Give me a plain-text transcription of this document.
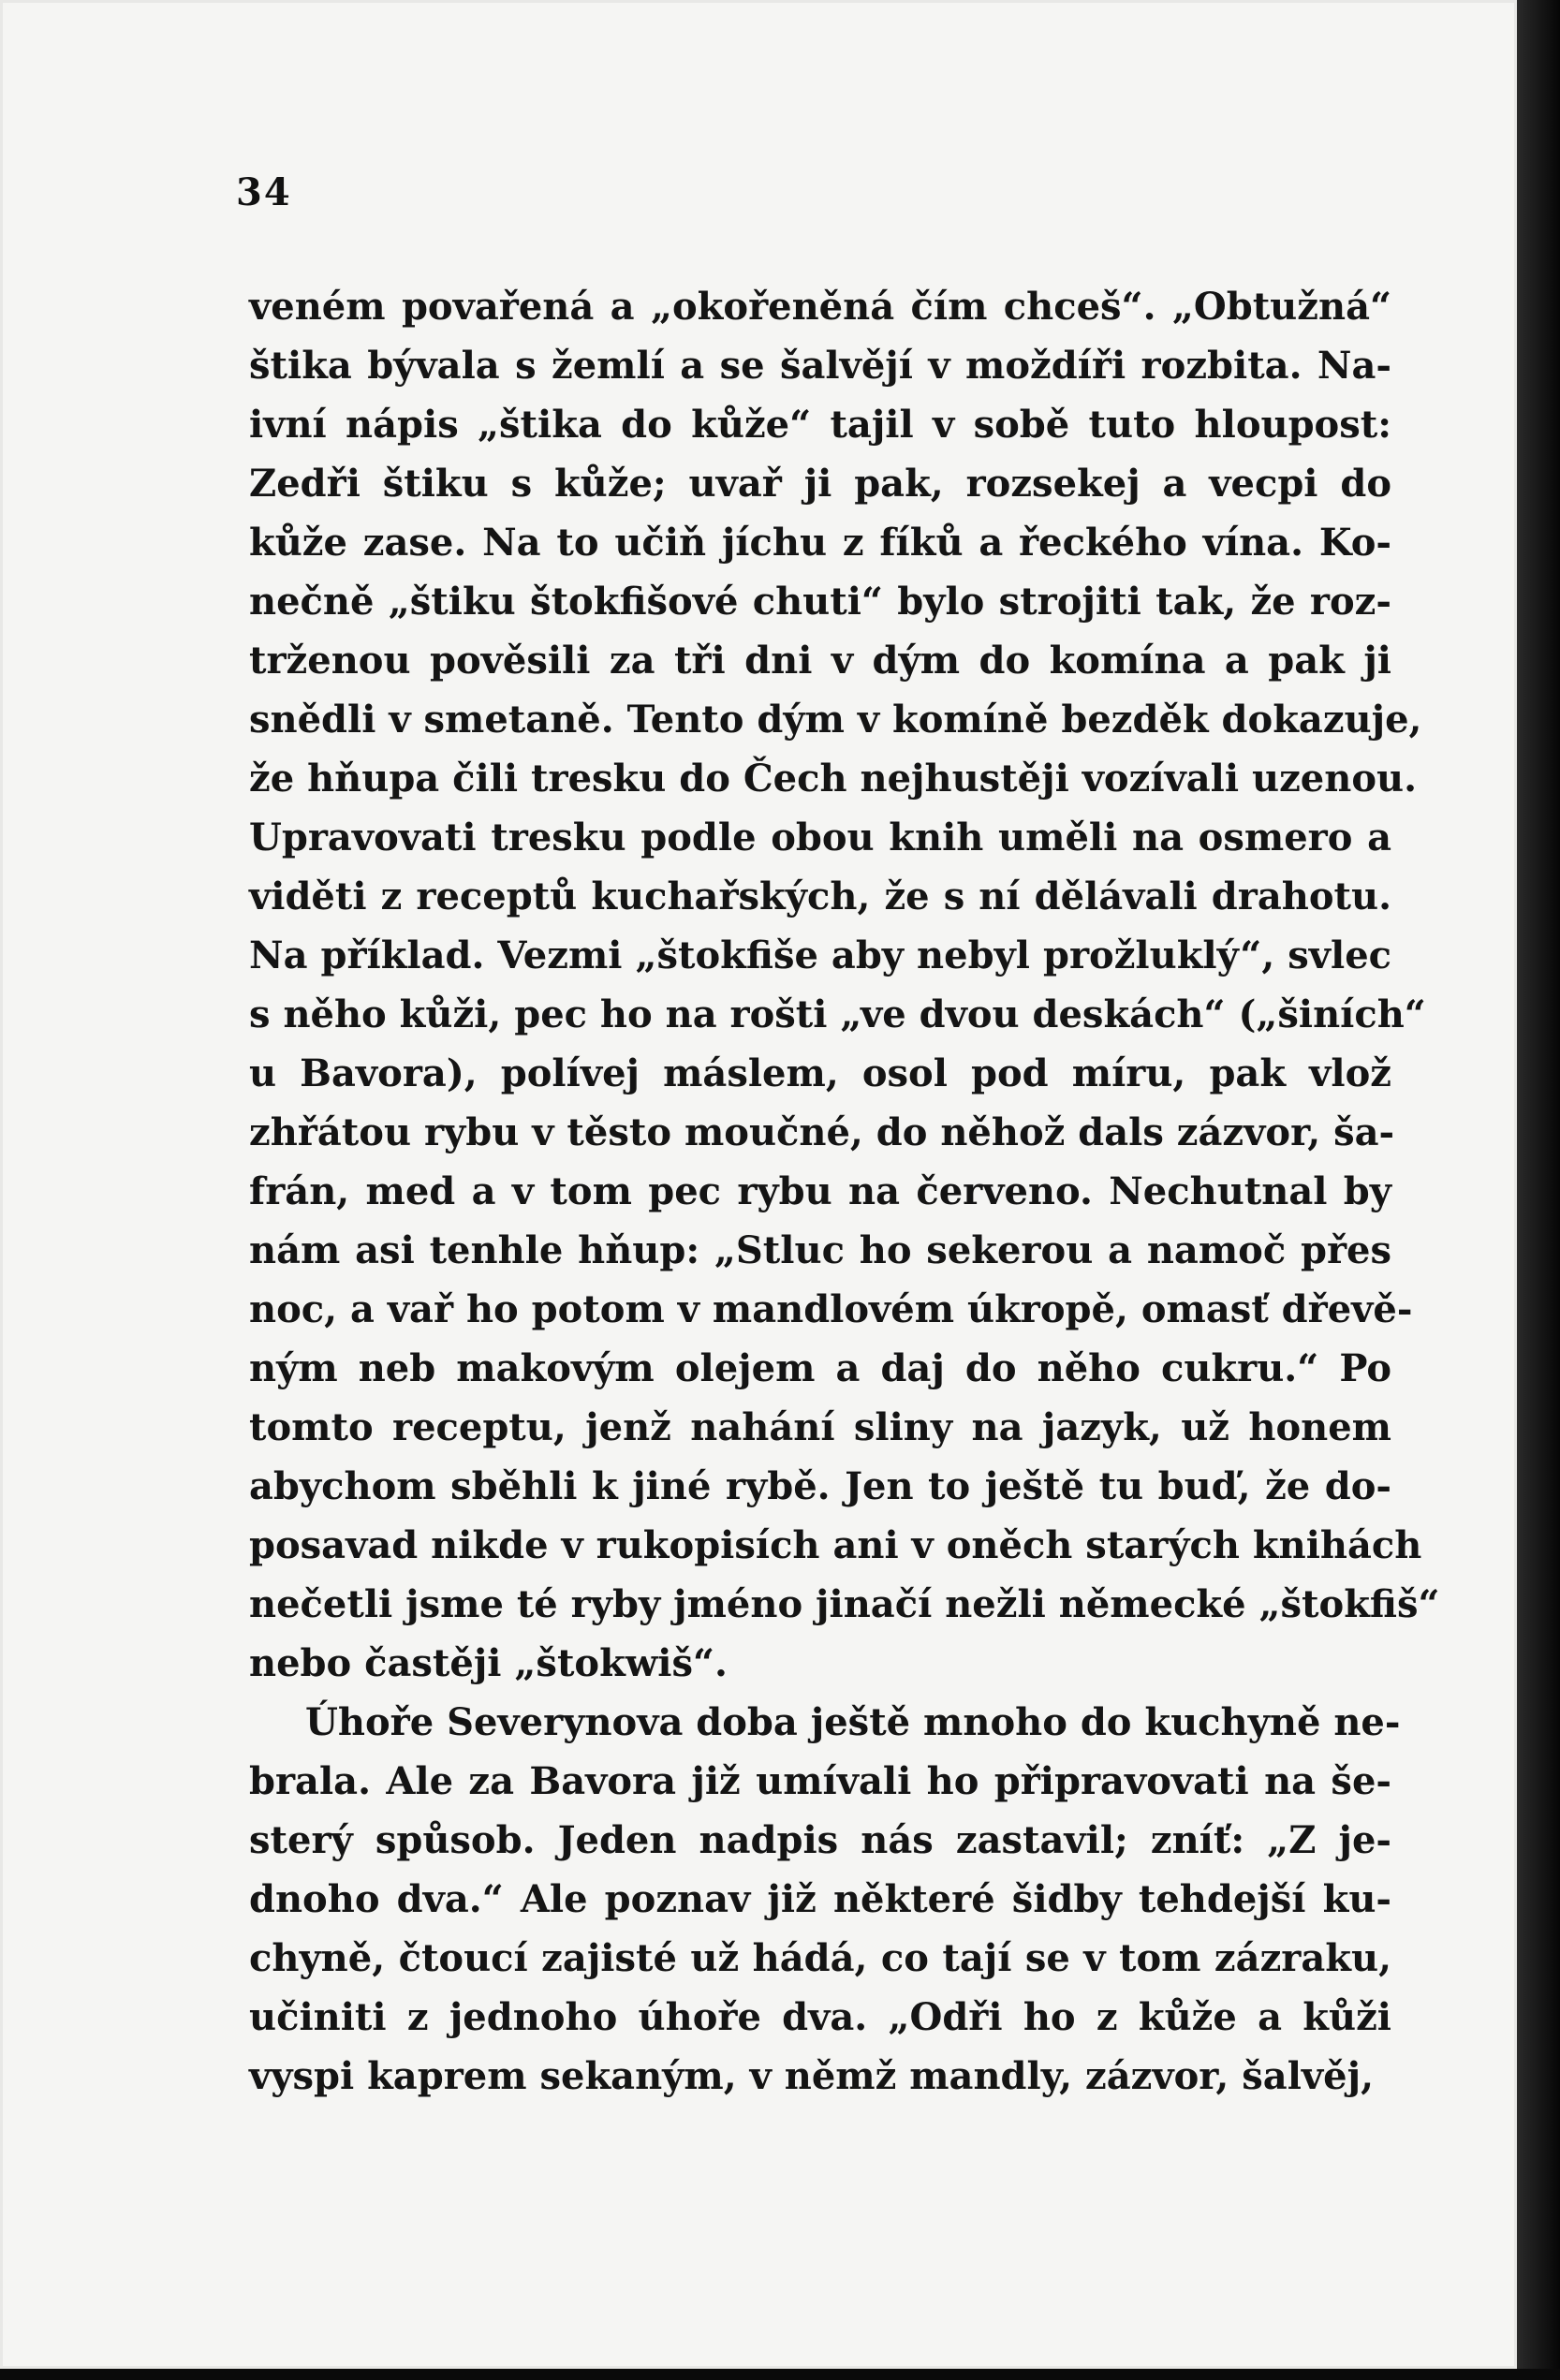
34
veném povařená a „okořeněná čím chceš“. „Obtužná“
štika bývala s žemlí a se šalvějí v moždíři rozbita. Na-
ivní nápis „štika do kůže“ tajil v sobě tuto hloupost:
Zedři štiku s kůže; uvař ji pak, rozsekej a vecpi do
kůže zase. Na to učiň jíchu z fíků a řeckého vína. Ko-
nečně „štiku štokfišové chuti“ bylo strojiti tak, že roz-
trženou pověsili za tři dni v dým do komína a pak ji
snědli v smetaně. Tento dým v komíně bezděk dokazuje,
že hňupa čili tresku do Čech nejhustěji vozívali uzenou.
Upravovati tresku podle obou knih uměli na osmero a
viděti z receptů kuchařských, že s ní dělávali drahotu.
Na příklad. Vezmi „štokfiše aby nebyl prožluklý“, svlec
s něho kůži, pec ho na rošti „ve dvou deskách“ („šiních“
u Bavora), polívej máslem, osol pod míru, pak vlož
zhřátou rybu v těsto moučné, do něhož dals zázvor, ša-
frán, med a v tom pec rybu na červeno. Nechutnal by
nám asi tenhle hňup: „Stluc ho sekerou a namoč přes
noc, a vař ho potom v mandlovém úkropě, omasť dřevě-
ným neb makovým olejem a daj do něho cukru.“ Po
tomto receptu, jenž nahání sliny na jazyk, už honem
abychom sběhli k jiné rybě. Jen to ještě tu buď, že do-
posavad nikde v rukopisích ani v oněch starých knihách
nečetli jsme té ryby jméno jinačí nežli německé „štokfiš“
nebo častěji „štokwiš“.
Úhoře Severynova doba ještě mnoho do kuchyně ne-
brala. Ale za Bavora již umívali ho připravovati na še-
sterý spůsob. Jeden nadpis nás zastavil; zníť: „Z je-
dnoho dva.“ Ale poznav již některé šidby tehdejší ku-
chyně, čtoucí zajisté už hádá, co tají se v tom zázraku,
učiniti z jednoho úhoře dva. „Odři ho z kůže a kůži
vyspi kaprem sekaným, v němž mandly, zázvor, šalvěj,
